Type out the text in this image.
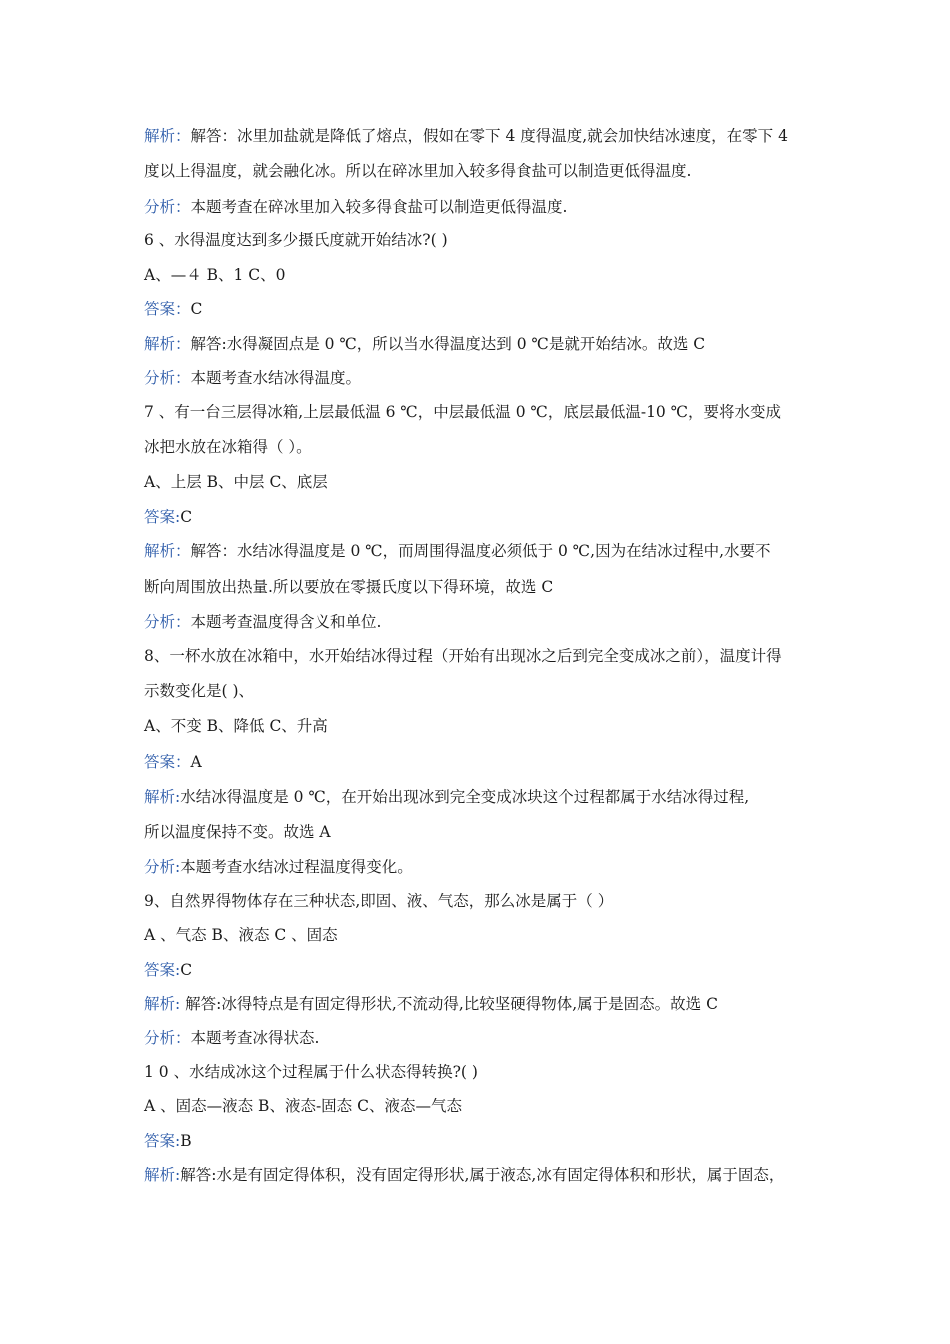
解析：解答：冰里加盐就是降低了熔点，假如在零下 4 度得温度,就会加快结冰速度，在零下 4
度以上得温度，就会融化冰。所以在碎冰里加入较多得食盐可以制造更低得温度.
分析：本题考查在碎冰里加入较多得食盐可以制造更低得温度.
6 、水得温度达到多少摄氏度就开始结冰?( )
A、—４ B、1 C、0
答案：C
解析：解答:水得凝固点是 0 ℃，所以当水得温度达到 0 ℃是就开始结冰。故选 C
分析：本题考查水结冰得温度。
7 、有一台三层得冰箱,上层最低温 6 ℃，中层最低温 0 ℃，底层最低温-10 ℃，要将水变成
冰把水放在冰箱得（ ）。
A、上层 B、中层 C、底层
答案:C
解析：解答：水结冰得温度是 0 ℃，而周围得温度必须低于 0 ℃,因为在结冰过程中,水要不
断向周围放出热量.所以要放在零摄氏度以下得环境，故选 C
分析：本题考查温度得含义和单位.
8、一杯水放在冰箱中，水开始结冰得过程（开始有出现冰之后到完全变成冰之前），温度计得
示数变化是( )、
A、不变 B、降低 C、升高
答案：A
解析:水结冰得温度是 0 ℃，在开始出现冰到完全变成冰块这个过程都属于水结冰得过程,
所以温度保持不变。故选 A
分析:本题考查水结冰过程温度得变化。
9、自然界得物体存在三种状态,即固、液、气态，那么冰是属于（ ）
A 、气态 B、液态 C 、固态
答案:C
解析: 解答:冰得特点是有固定得形状,不流动得,比较坚硬得物体,属于是固态。故选 C
分析：本题考查冰得状态.
1 0 、水结成冰这个过程属于什么状态得转换?( )
A 、固态—液态 B、液态-固态 C、液态—气态
答案:B
解析:解答:水是有固定得体积，没有固定得形状,属于液态,冰有固定得体积和形状，属于固态，
